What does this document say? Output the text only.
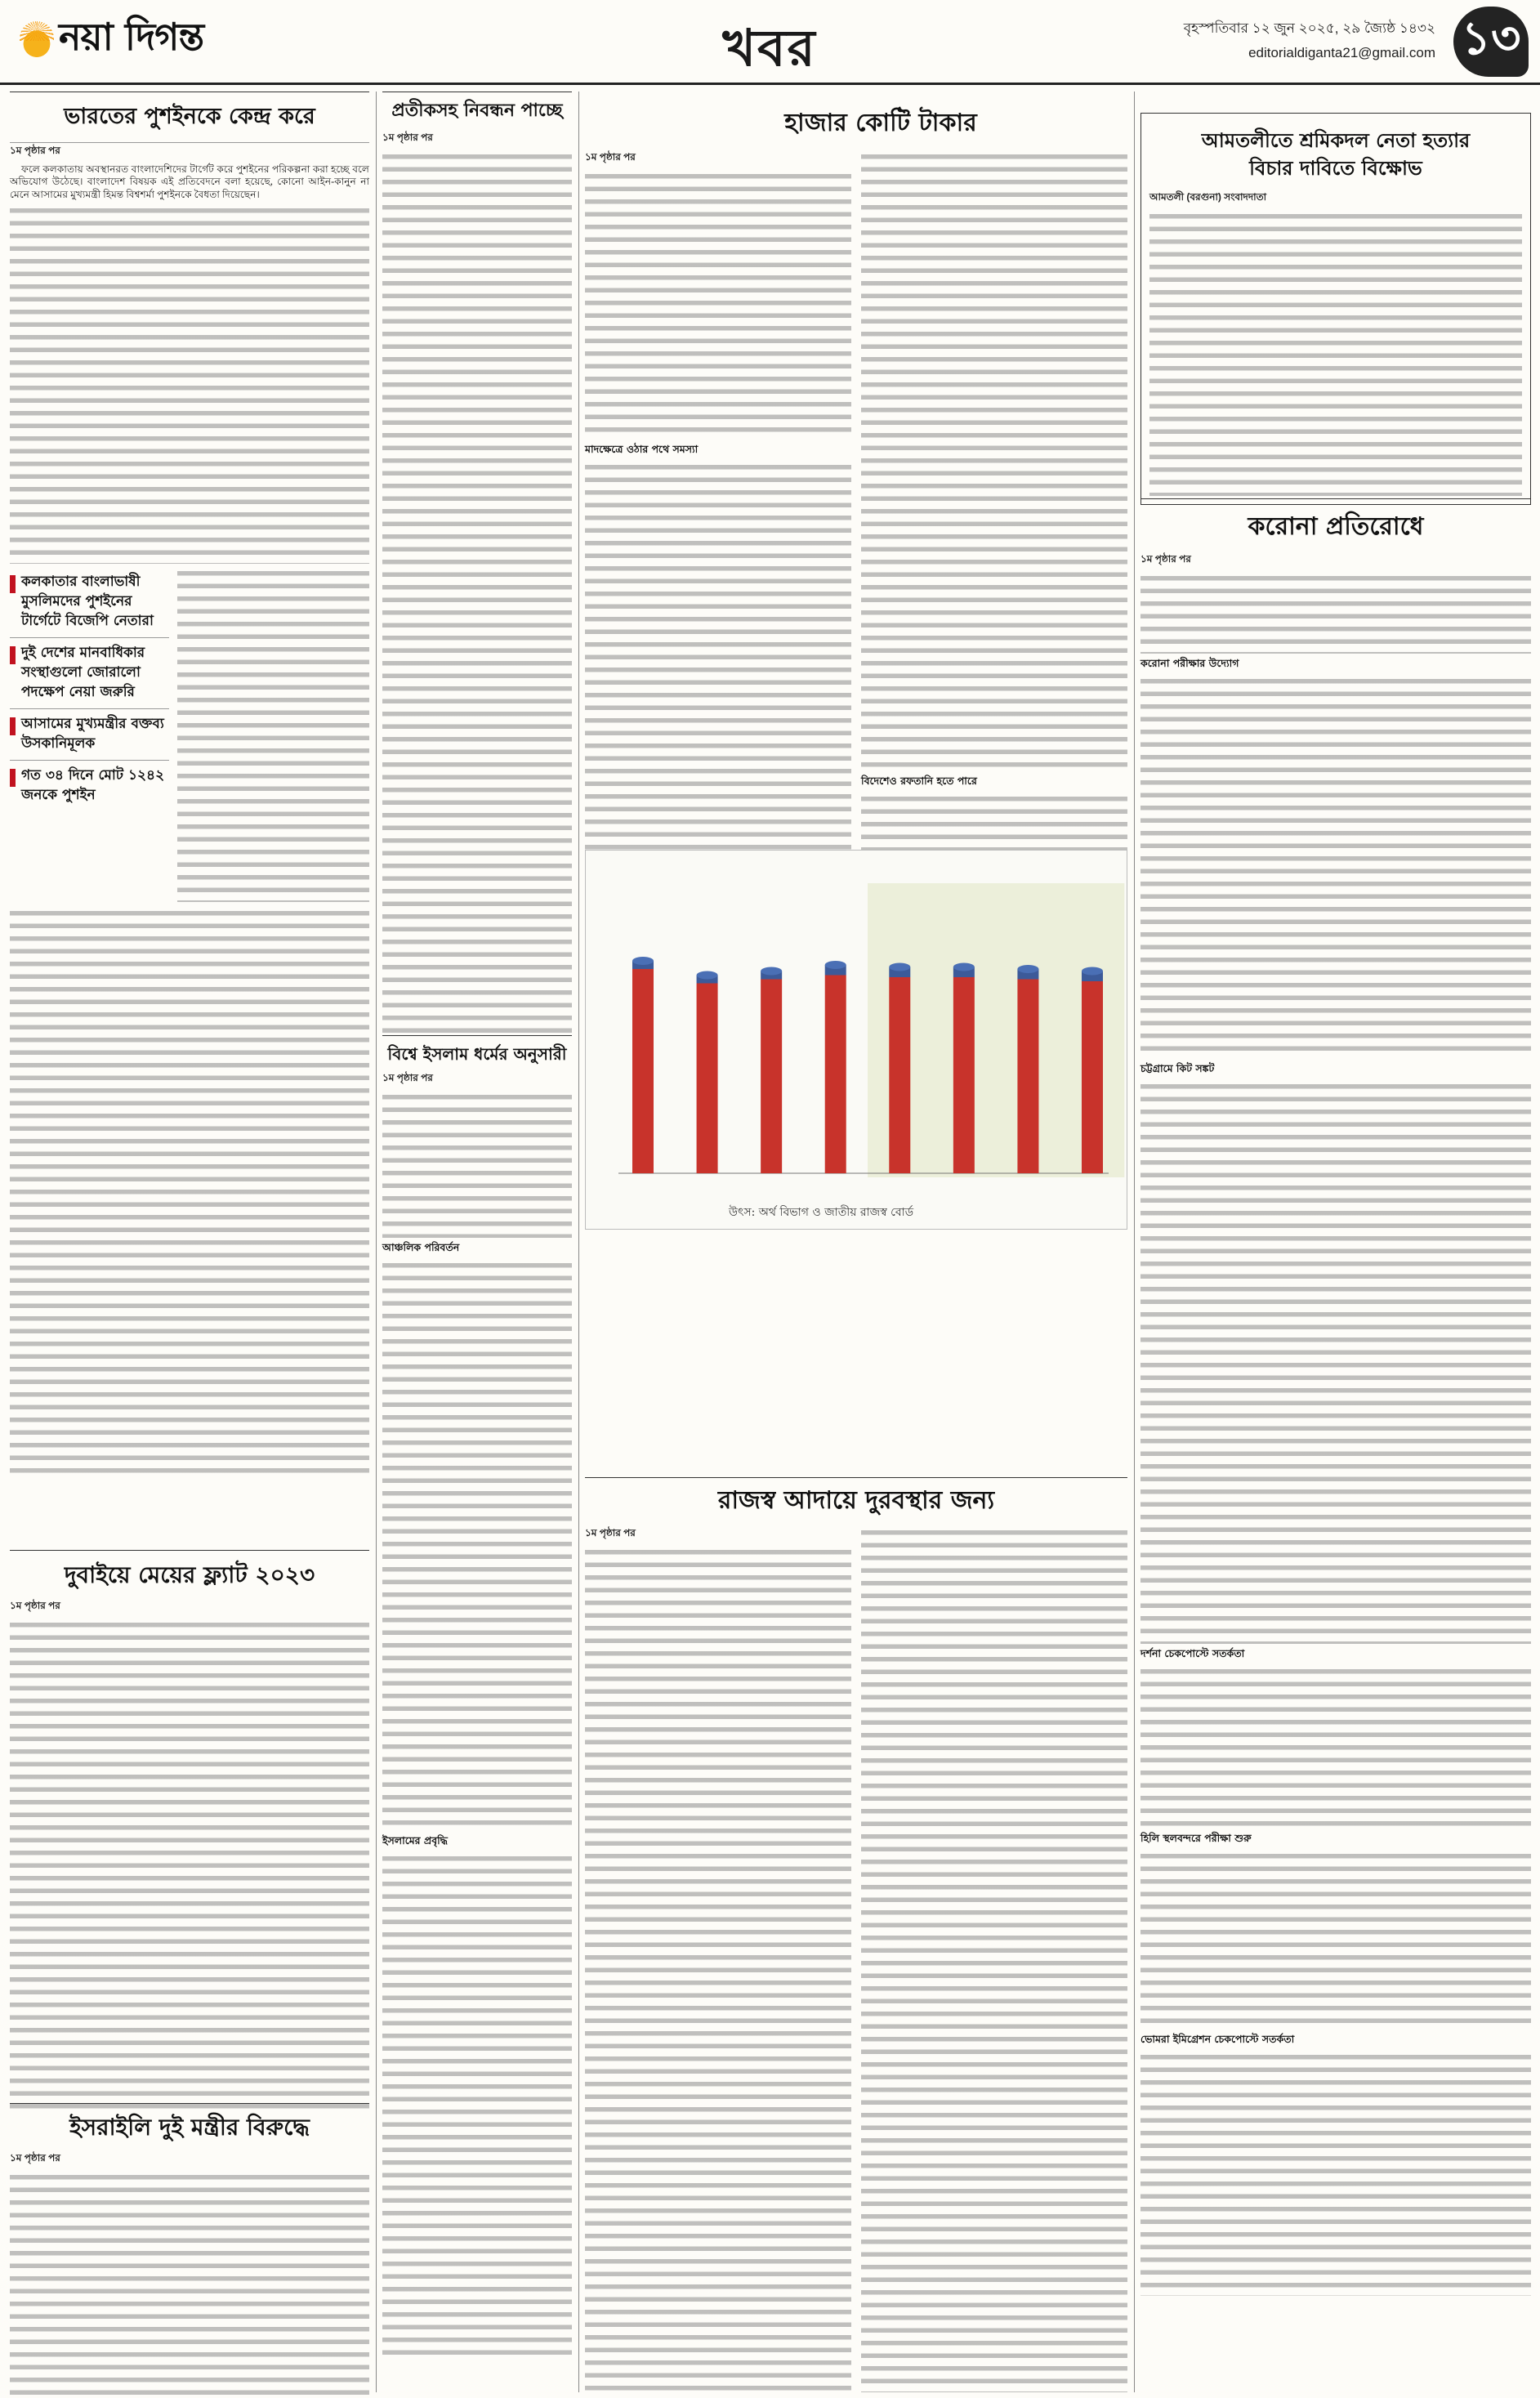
নয়া দিগন্ত	খবর	বৃহস্পতিবার ১২ জুন ২০২৫, ২৯ জ্যৈষ্ঠ ১৪৩২
editorialdiganta21@gmail.com ১৩
ভারতের পুশইনকে কেন্দ্র করে
১ম পৃষ্ঠার পর

ফলে কলকাতায় অবস্থানরত বাংলাদেশিদের টার্গেট করে পুশইনের পরিকল্পনা করা হচ্ছে বলে অভিযোগ উঠেছে। বাংলাদেশ বিষয়ক এই প্রতিবেদনে বলা হয়েছে, কোনো আইন-কানুন না মেনে আসামের মুখ্যমন্ত্রী হিমন্ত বিশ্বশর্মা পুশইনকে বৈধতা দিয়েছেন।

কলকাতার বাংলাভাষী মুসলিমদের পুশইনের টার্গেটে বিজেপি নেতারা
দুই দেশের মানবাধিকার সংস্থাগুলো জোরালো পদক্ষেপ নেয়া জরুরি
আসামের মুখ্যমন্ত্রীর বক্তব্য উসকানিমূলক
গত ৩৪ দিনে মোট ১২৪২ জনকে পুশইন
দুবাইয়ে মেয়ের ফ্ল্যাট ২০২৩
১ম পৃষ্ঠার পর
ইসরাইলি দুই মন্ত্রীর বিরুদ্ধে
১ম পৃষ্ঠার পর
প্রতীকসহ নিবন্ধন পাচ্ছে
১ম পৃষ্ঠার পর
বিশ্বে ইসলাম ধর্মের অনুসারী
১ম পৃষ্ঠার পর
আঞ্চলিক পরিবর্তন
ইসলামের প্রবৃদ্ধি
হাজার কোটি টাকার
১ম পৃষ্ঠার পর
মাদক্ষেত্রে ওঠার পথে সমস্যা
বিদেশেও রফতানি হতে পারে
উৎস: অর্থ বিভাগ ও জাতীয় রাজস্ব বোর্ড
রাজস্ব আদায়ে দুরবস্থার জন্য
১ম পৃষ্ঠার পর
আমতলীতে শ্রমিকদল নেতা হত্যার
বিচার দাবিতে বিক্ষোভ
আমতলী (বরগুনা) সংবাদদাতা
করোনা প্রতিরোধে
১ম পৃষ্ঠার পর
করোনা পরীক্ষার উদ্যোগ
চট্টগ্রামে কিট সঙ্কট
দর্শনা চেকপোস্টে সতর্কতা
হিলি স্থলবন্দরে পরীক্ষা শুরু
ভোমরা ইমিগ্রেশন চেকপোস্টে সতর্কতা
